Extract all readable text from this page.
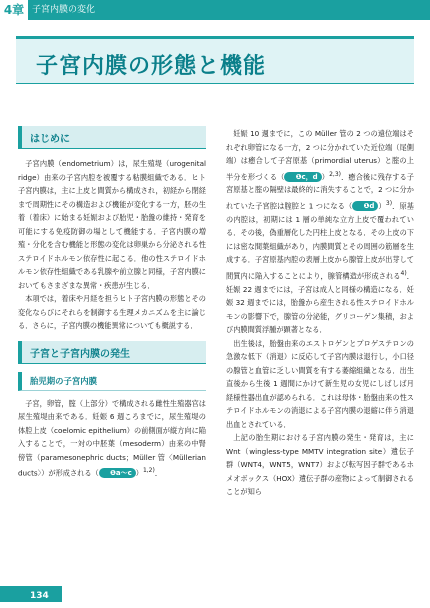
4章 子宮内膜の変化
子宮内膜の形態と機能
はじめに

子宮内膜（endometrium）は，尿生殖堤（urogenital ridge）由来の子宮内腔を被覆する粘膜組織である．ヒト子宮内膜は，主に上皮と間質から構成され，初経から閉経まで周期性にその構造および機能が変化する一方，胚の生着（着床）に始まる妊娠および胎児・胎盤の維持・発育を可能にする免疫防御の場として機能する．子宮内膜の増殖・分化を含む機能と形態の変化は卵巣から分泌される性ステロイドホルモン依存性に起こる．他の性ステロイドホルモン依存性組織である乳腺や前立腺と同様，子宮内膜においてもさまざまな異常・疾患が生じる．

本項では，着床や月経を担うヒト子宮内膜の形態とその変化ならびにそれらを制御する生理メカニズムを主に論じる．さらに，子宮内膜の機能異常についても概説する．

子宮と子宮内膜の発生
胎児期の子宮内膜

子宮，卵管，腟（上部分）で構成される雌性生殖器官は尿生殖堤由来である．妊娠 6 週ころまでに，尿生殖堤の体腔上皮（coelomic epithelium）の前側面が縦方向に陥入することで，一対の中胚葉（mesoderm）由来の中腎傍管（paramesonephric ducts；Müller 管〈Müllerian ducts〉）が形成される（ ❶a～c ）$^{1,2)}$．

妊娠 10 週までに，この Müller 管の 2 つの遠位端はそれぞれ卵管になる一方，2 つに分かれていた近位端（尾側端）は癒合して子宮原基（primordial uterus）と腟の上半分を形づくる（ ❶c，d ）$^{2,3)}$．癒合後に残存する子宮原基と腟の隔壁は最終的に消失することで，2 つに分かれていた子宮腔は腟腔と 1 つになる（ ❶d ）$^{3)}$．原基の内腔は，初期には 1 層の単純な立方上皮で覆われている．その後，偽重層化した円柱上皮となる．その上皮の下には密な間葉組織があり，内膜間質とその周囲の筋層を生成する．子宮原基内腔の表層上皮から腺管上皮が出芽して間質内に陥入することにより，腺管構造が形成される$^{4)}$．妊娠 22 週までには，子宮は成人と同様の構造になる．妊娠 32 週までには，胎盤から産生される性ステロイドホルモンの影響下で，腺管の分泌能，グリコーゲン集積，および内膜間質浮腫が顕著となる．

出生後は，胎盤由来のエストロゲンとプロゲステロンの急激な低下（消退）に反応して子宮内膜は退行し，小口径の腺管と血管に乏しい間質を有する萎縮組織となる．出生直後から生後 1 週間にかけて新生児の女児にしばしば月経様性器出血が認められる．これは母体・胎盤由来の性ステロイドホルモンの消退による子宮内膜の退縮に伴う消退出血とされている．

上記の胎生期における子宮内膜の発生・発育は，主に Wnt（wingless-type MMTV integration site）遺伝子群（WNT4，WNT5，WNT7）および転写因子群であるホメオボックス（HOX）遺伝子群の産物によって制御されることが知ら

134
